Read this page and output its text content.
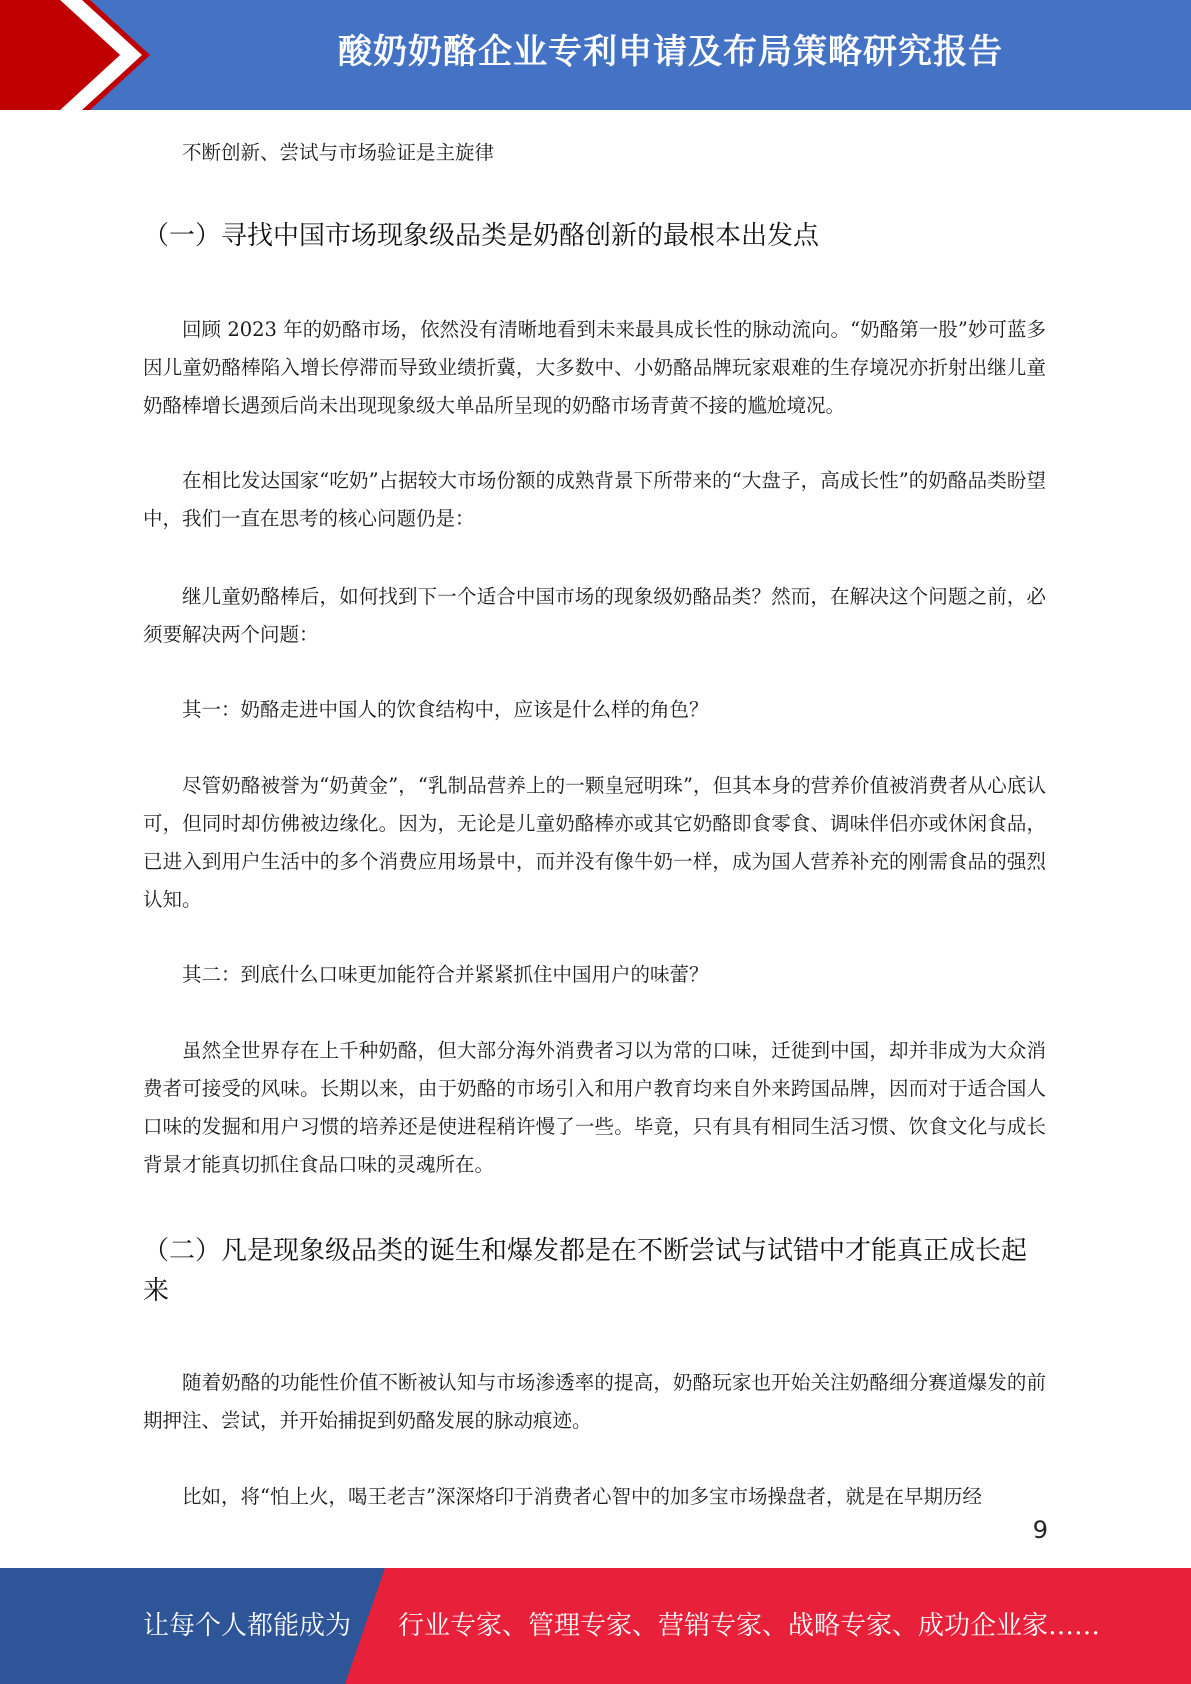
酸奶奶酪企业专利申请及布局策略研究报告

不断创新、尝试与市场验证是主旋律

（一）寻找中国市场现象级品类是奶酪创新的最根本出发点

回顾 2023 年的奶酪市场，依然没有清晰地看到未来最具成长性的脉动流向。“奶酪第一股”妙可蓝多因儿童奶酪棒陷入增长停滞而导致业绩折冀，大多数中、小奶酪品牌玩家艰难的生存境况亦折射出继儿童奶酪棒增长遇颈后尚未出现现象级大单品所呈现的奶酪市场青黄不接的尴尬境况。

在相比发达国家“吃奶”占据较大市场份额的成熟背景下所带来的“大盘子，高成长性”的奶酪品类盼望中，我们一直在思考的核心问题仍是：

继儿童奶酪棒后，如何找到下一个适合中国市场的现象级奶酪品类？然而，在解决这个问题之前，必须要解决两个问题：

其一：奶酪走进中国人的饮食结构中，应该是什么样的角色？

尽管奶酪被誉为“奶黄金”，“乳制品营养上的一颗皇冠明珠”，但其本身的营养价值被消费者从心底认可，但同时却仿佛被边缘化。因为，无论是儿童奶酪棒亦或其它奶酪即食零食、调味伴侣亦或休闲食品，已进入到用户生活中的多个消费应用场景中，而并没有像牛奶一样，成为国人营养补充的刚需食品的强烈认知。

其二：到底什么口味更加能符合并紧紧抓住中国用户的味蕾？

虽然全世界存在上千种奶酪，但大部分海外消费者习以为常的口味，迁徙到中国，却并非成为大众消费者可接受的风味。长期以来，由于奶酪的市场引入和用户教育均来自外来跨国品牌，因而对于适合国人口味的发掘和用户习惯的培养还是使进程稍许慢了一些。毕竟，只有具有相同生活习惯、饮食文化与成长背景才能真切抓住食品口味的灵魂所在。

（二）凡是现象级品类的诞生和爆发都是在不断尝试与试错中才能真正成长起来

随着奶酪的功能性价值不断被认知与市场渗透率的提高，奶酪玩家也开始关注奶酪细分赛道爆发的前期押注、尝试，并开始捕捉到奶酪发展的脉动痕迹。

比如，将“怕上火，喝王老吉”深深烙印于消费者心智中的加多宝市场操盘者，就是在早期历经

9
让每个人都能成为 行业专家、管理专家、营销专家、战略专家、成功企业家……
